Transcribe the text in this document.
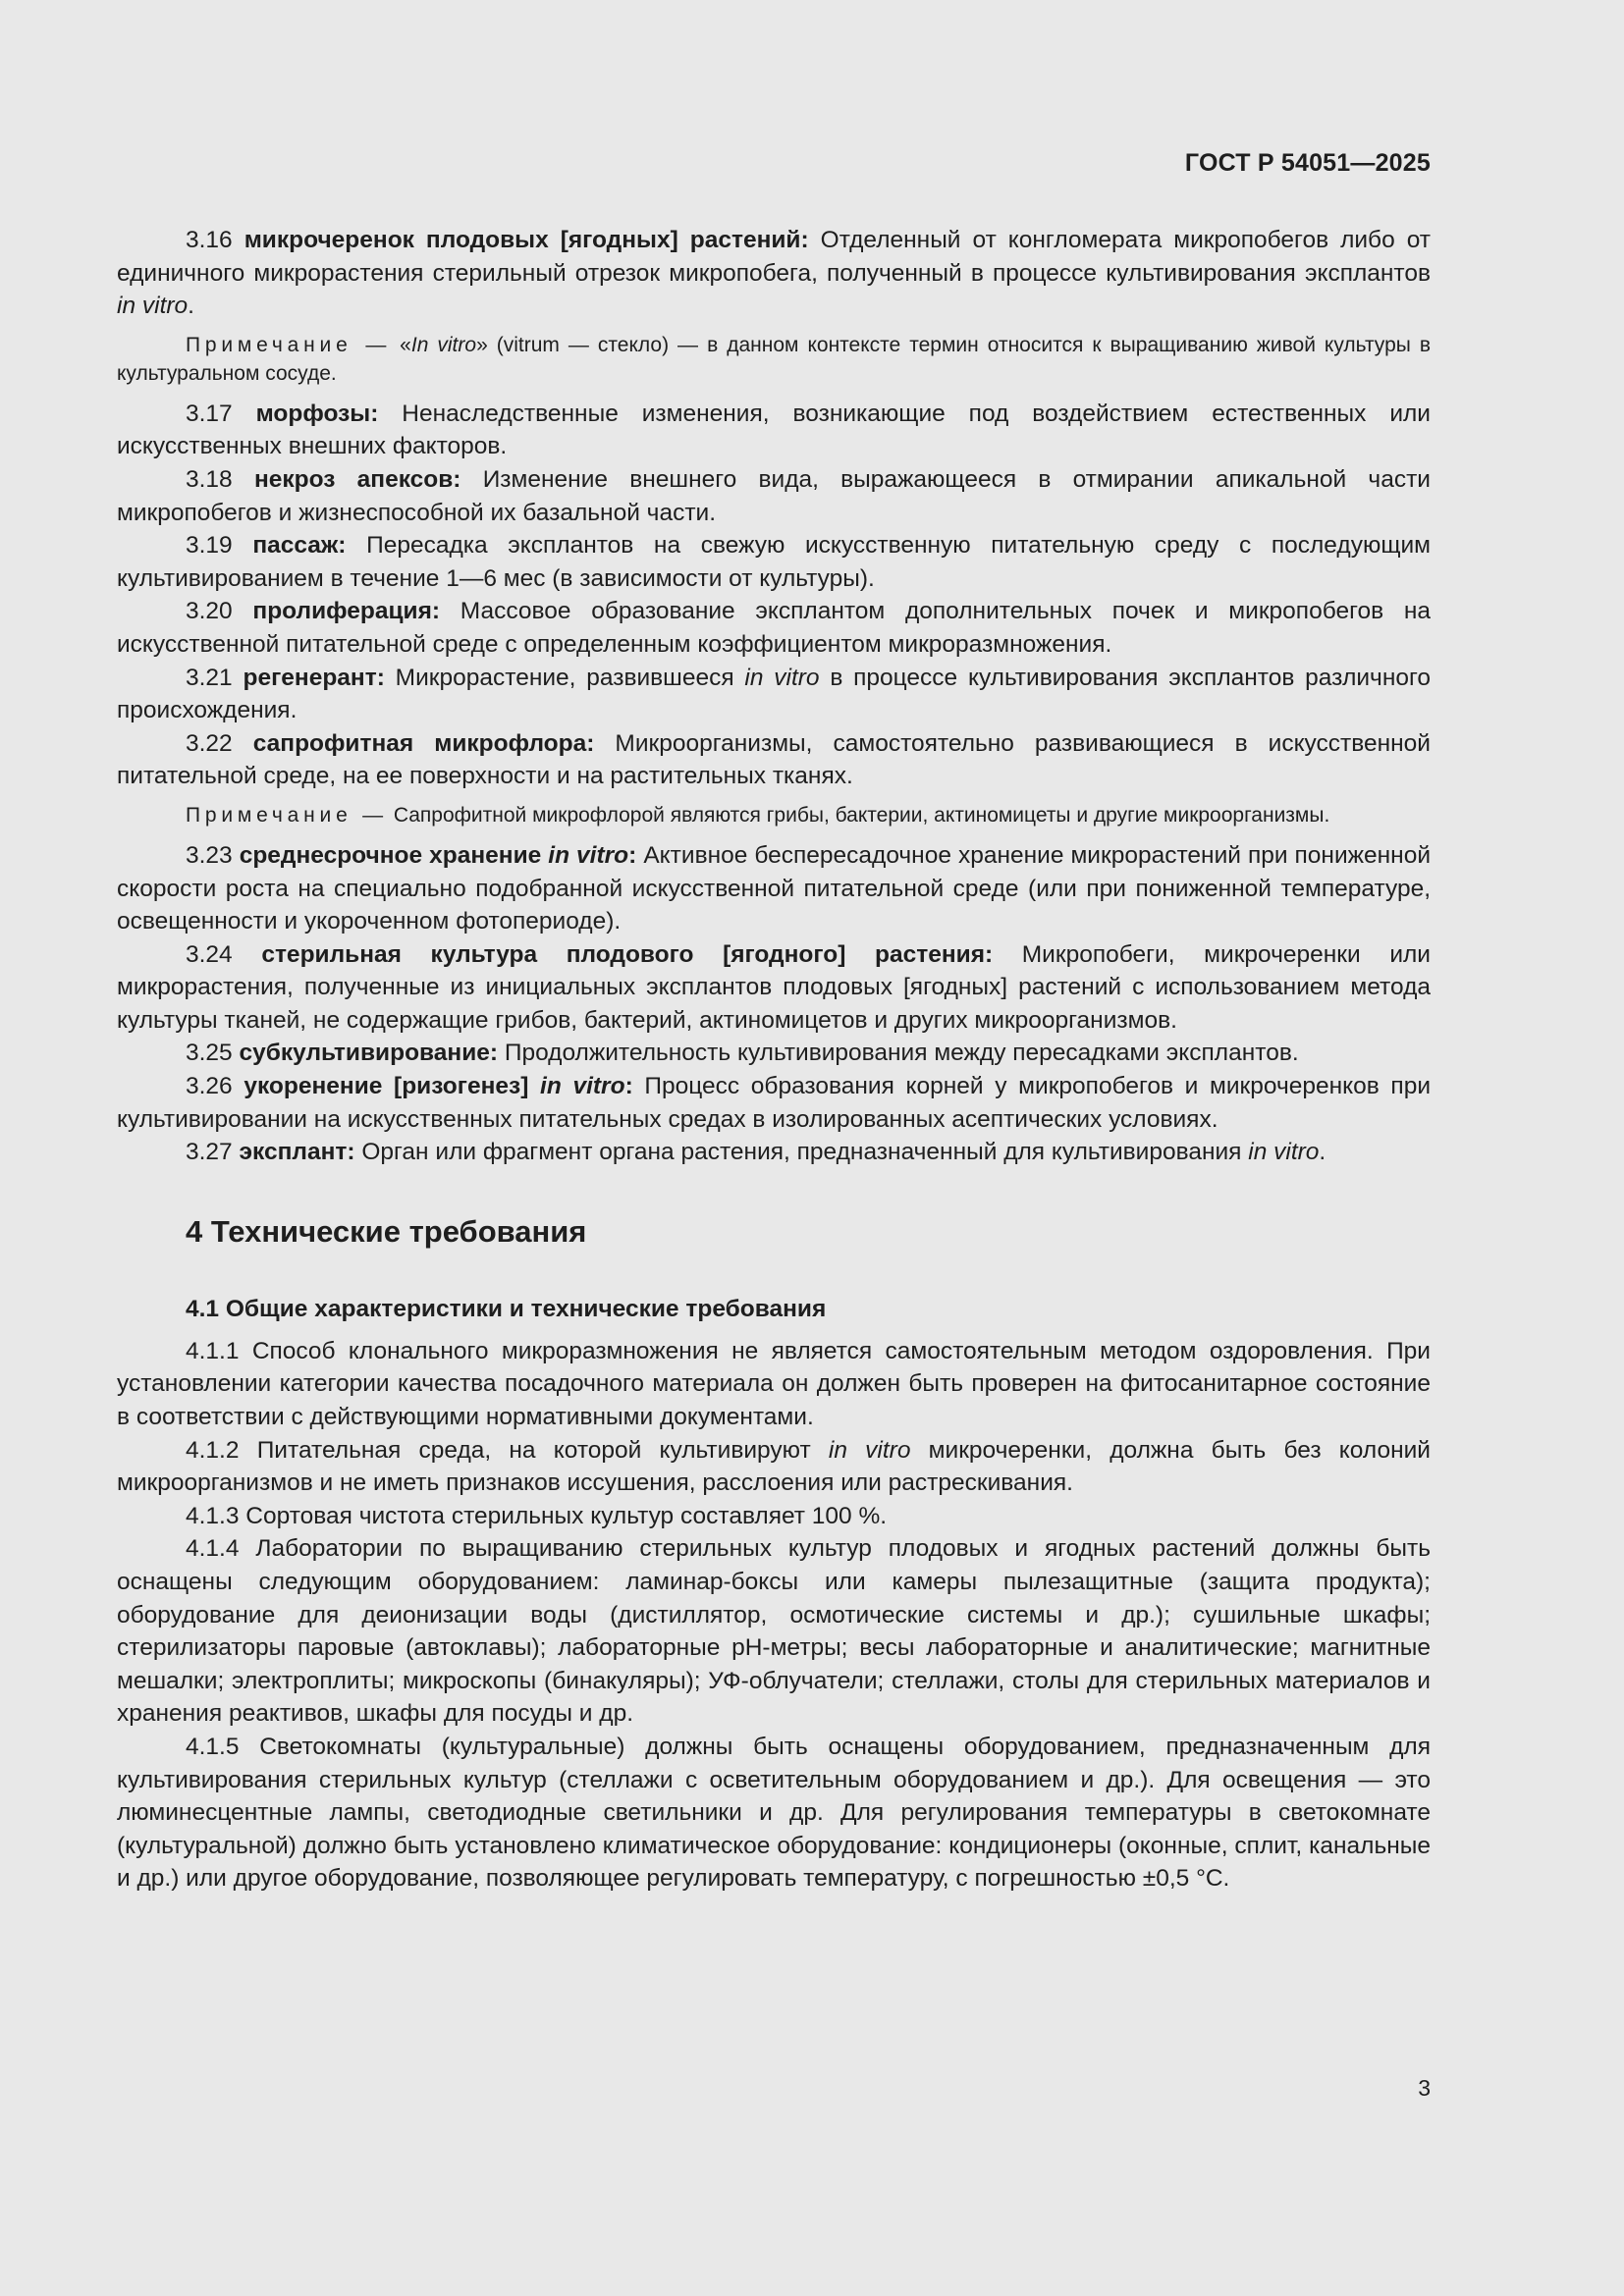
ГОСТ Р 54051—2025

3.16 микрочеренок плодовых [ягодных] растений: Отделенный от конгломерата микропобегов либо от единичного микрорастения стерильный отрезок микропобега, полученный в процессе культивирования эксплантов in vitro.

Примечание — «In vitro» (vitrum — стекло) — в данном контексте термин относится к выращиванию живой культуры в культуральном сосуде.

3.17 морфозы: Ненаследственные изменения, возникающие под воздействием естественных или искусственных внешних факторов.

3.18 некроз апексов: Изменение внешнего вида, выражающееся в отмирании апикальной части микропобегов и жизнеспособной их базальной части.

3.19 пассаж: Пересадка эксплантов на свежую искусственную питательную среду с последующим культивированием в течение 1—6 мес (в зависимости от культуры).

3.20 пролиферация: Массовое образование эксплантом дополнительных почек и микропобегов на искусственной питательной среде с определенным коэффициентом микроразмножения.

3.21 регенерант: Микрорастение, развившееся in vitro в процессе культивирования эксплантов различного происхождения.

3.22 сапрофитная микрофлора: Микроорганизмы, самостоятельно развивающиеся в искусственной питательной среде, на ее поверхности и на растительных тканях.

Примечание — Сапрофитной микрофлорой являются грибы, бактерии, актиномицеты и другие микроорганизмы.

3.23 среднесрочное хранение in vitro: Активное беспересадочное хранение микрорастений при пониженной скорости роста на специально подобранной искусственной питательной среде (или при пониженной температуре, освещенности и укороченном фотопериоде).

3.24 стерильная культура плодового [ягодного] растения: Микропобеги, микрочеренки или микрорастения, полученные из инициальных эксплантов плодовых [ягодных] растений с использованием метода культуры тканей, не содержащие грибов, бактерий, актиномицетов и других микроорганизмов.

3.25 субкультивирование: Продолжительность культивирования между пересадками эксплантов.

3.26 укоренение [ризогенез] in vitro: Процесс образования корней у микропобегов и микрочеренков при культивировании на искусственных питательных средах в изолированных асептических условиях.

3.27 эксплант: Орган или фрагмент органа растения, предназначенный для культивирования in vitro.

4 Технические требования
4.1 Общие характеристики и технические требования

4.1.1 Способ клонального микроразмножения не является самостоятельным методом оздоровления. При установлении категории качества посадочного материала он должен быть проверен на фитосанитарное состояние в соответствии с действующими нормативными документами.

4.1.2 Питательная среда, на которой культивируют in vitro микрочеренки, должна быть без колоний микроорганизмов и не иметь признаков иссушения, расслоения или растрескивания.

4.1.3 Сортовая чистота стерильных культур составляет 100 %.

4.1.4 Лаборатории по выращиванию стерильных культур плодовых и ягодных растений должны быть оснащены следующим оборудованием: ламинар-боксы или камеры пылезащитные (защита продукта); оборудование для деионизации воды (дистиллятор, осмотические системы и др.); сушильные шкафы; стерилизаторы паровые (автоклавы); лабораторные рН-метры; весы лабораторные и аналитические; магнитные мешалки; электроплиты; микроскопы (бинакуляры); УФ-облучатели; стеллажи, столы для стерильных материалов и хранения реактивов, шкафы для посуды и др.

4.1.5 Светокомнаты (культуральные) должны быть оснащены оборудованием, предназначенным для культивирования стерильных культур (стеллажи с осветительным оборудованием и др.). Для освещения — это люминесцентные лампы, светодиодные светильники и др. Для регулирования температуры в светокомнате (культуральной) должно быть установлено климатическое оборудование: кондиционеры (оконные, сплит, канальные и др.) или другое оборудование, позволяющее регулировать температуру, с погрешностью ±0,5 °С.

3
